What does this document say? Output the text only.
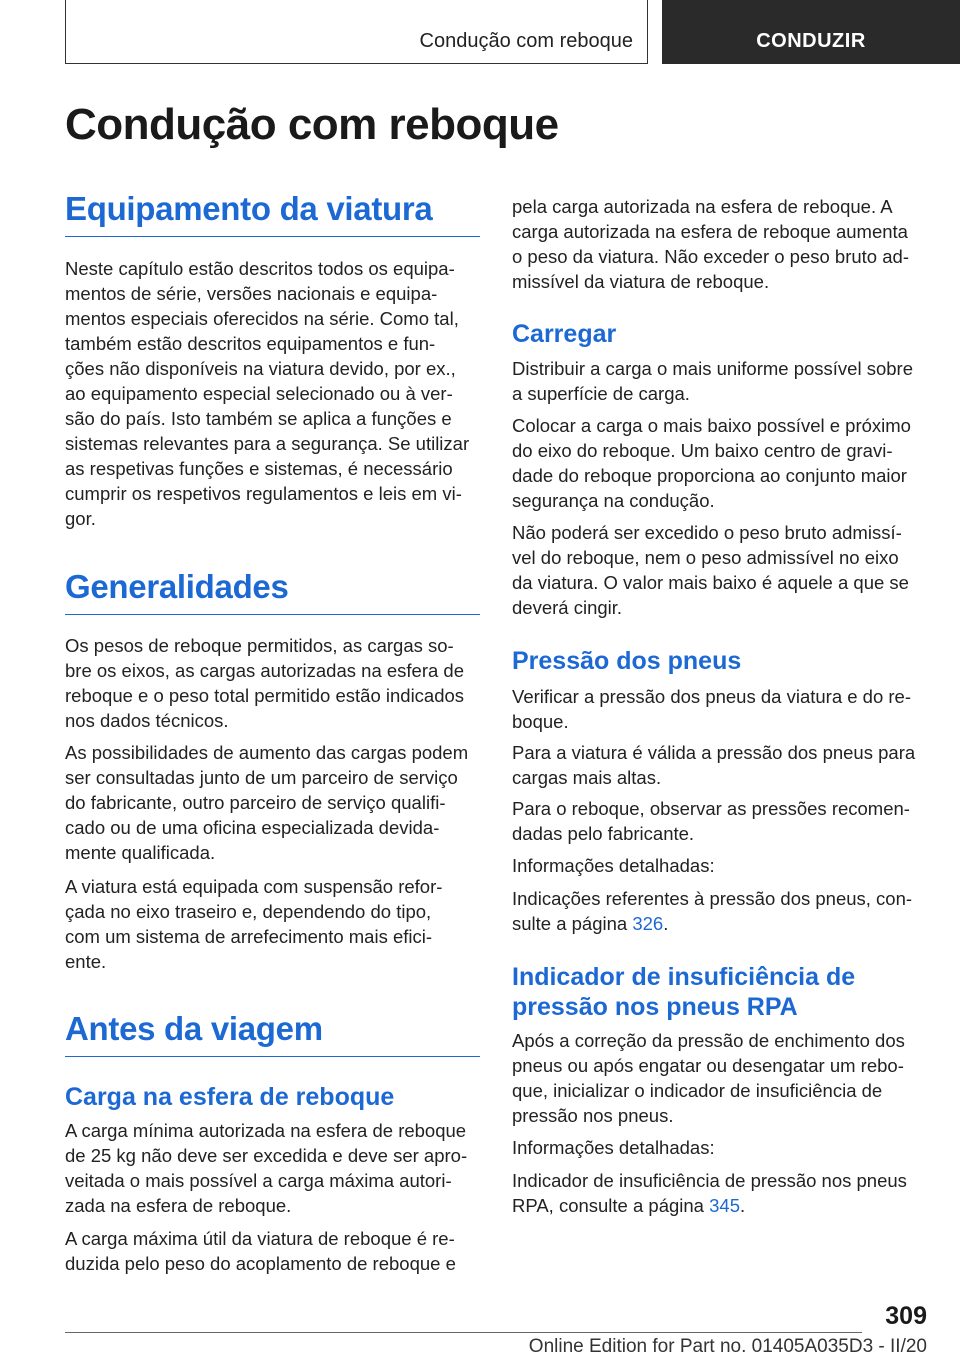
Condução com reboque	CONDUZIR
Condução com reboque
Equipamento da viatura

Neste capítulo estão descritos todos os equipa-
mentos de série, versões nacionais e equipa-
mentos especiais oferecidos na série. Como tal,
também estão descritos equipamentos e fun-
ções não disponíveis na viatura devido, por ex.,
ao equipamento especial selecionado ou à ver-
são do país. Isto também se aplica a funções e
sistemas relevantes para a segurança. Se utilizar
as respetivas funções e sistemas, é necessário
cumprir os respetivos regulamentos e leis em vi-
gor.

Generalidades

Os pesos de reboque permitidos, as cargas so-
bre os eixos, as cargas autorizadas na esfera de
reboque e o peso total permitido estão indicados
nos dados técnicos.

As possibilidades de aumento das cargas podem
ser consultadas junto de um parceiro de serviço
do fabricante, outro parceiro de serviço qualifi-
cado ou de uma oficina especializada devida-
mente qualificada.

A viatura está equipada com suspensão refor-
çada no eixo traseiro e, dependendo do tipo,
com um sistema de arrefecimento mais efici-
ente.

Antes da viagem
Carga na esfera de reboque

A carga mínima autorizada na esfera de reboque
de 25 kg não deve ser excedida e deve ser apro-
veitada o mais possível a carga máxima autori-
zada na esfera de reboque.

A carga máxima útil da viatura de reboque é re-
duzida pelo peso do acoplamento de reboque e

pela carga autorizada na esfera de reboque. A
carga autorizada na esfera de reboque aumenta
o peso da viatura. Não exceder o peso bruto ad-
missível da viatura de reboque.

Carregar

Distribuir a carga o mais uniforme possível sobre
a superfície de carga.

Colocar a carga o mais baixo possível e próximo
do eixo do reboque. Um baixo centro de gravi-
dade do reboque proporciona ao conjunto maior
segurança na condução.

Não poderá ser excedido o peso bruto admissí-
vel do reboque, nem o peso admissível no eixo
da viatura. O valor mais baixo é aquele a que se
deverá cingir.

Pressão dos pneus

Verificar a pressão dos pneus da viatura e do re-
boque.

Para a viatura é válida a pressão dos pneus para
cargas mais altas.

Para o reboque, observar as pressões recomen-
dadas pelo fabricante.

Informações detalhadas:

Indicações referentes à pressão dos pneus, con-
sulte a página 326.

Indicador de insuficiência de
pressão nos pneus RPA

Após a correção da pressão de enchimento dos
pneus ou após engatar ou desengatar um rebo-
que, inicializar o indicador de insuficiência de
pressão nos pneus.

Informações detalhadas:

Indicador de insuficiência de pressão nos pneus
RPA, consulte a página 345.

309
Online Edition for Part no. 01405A035D3 - II/20
